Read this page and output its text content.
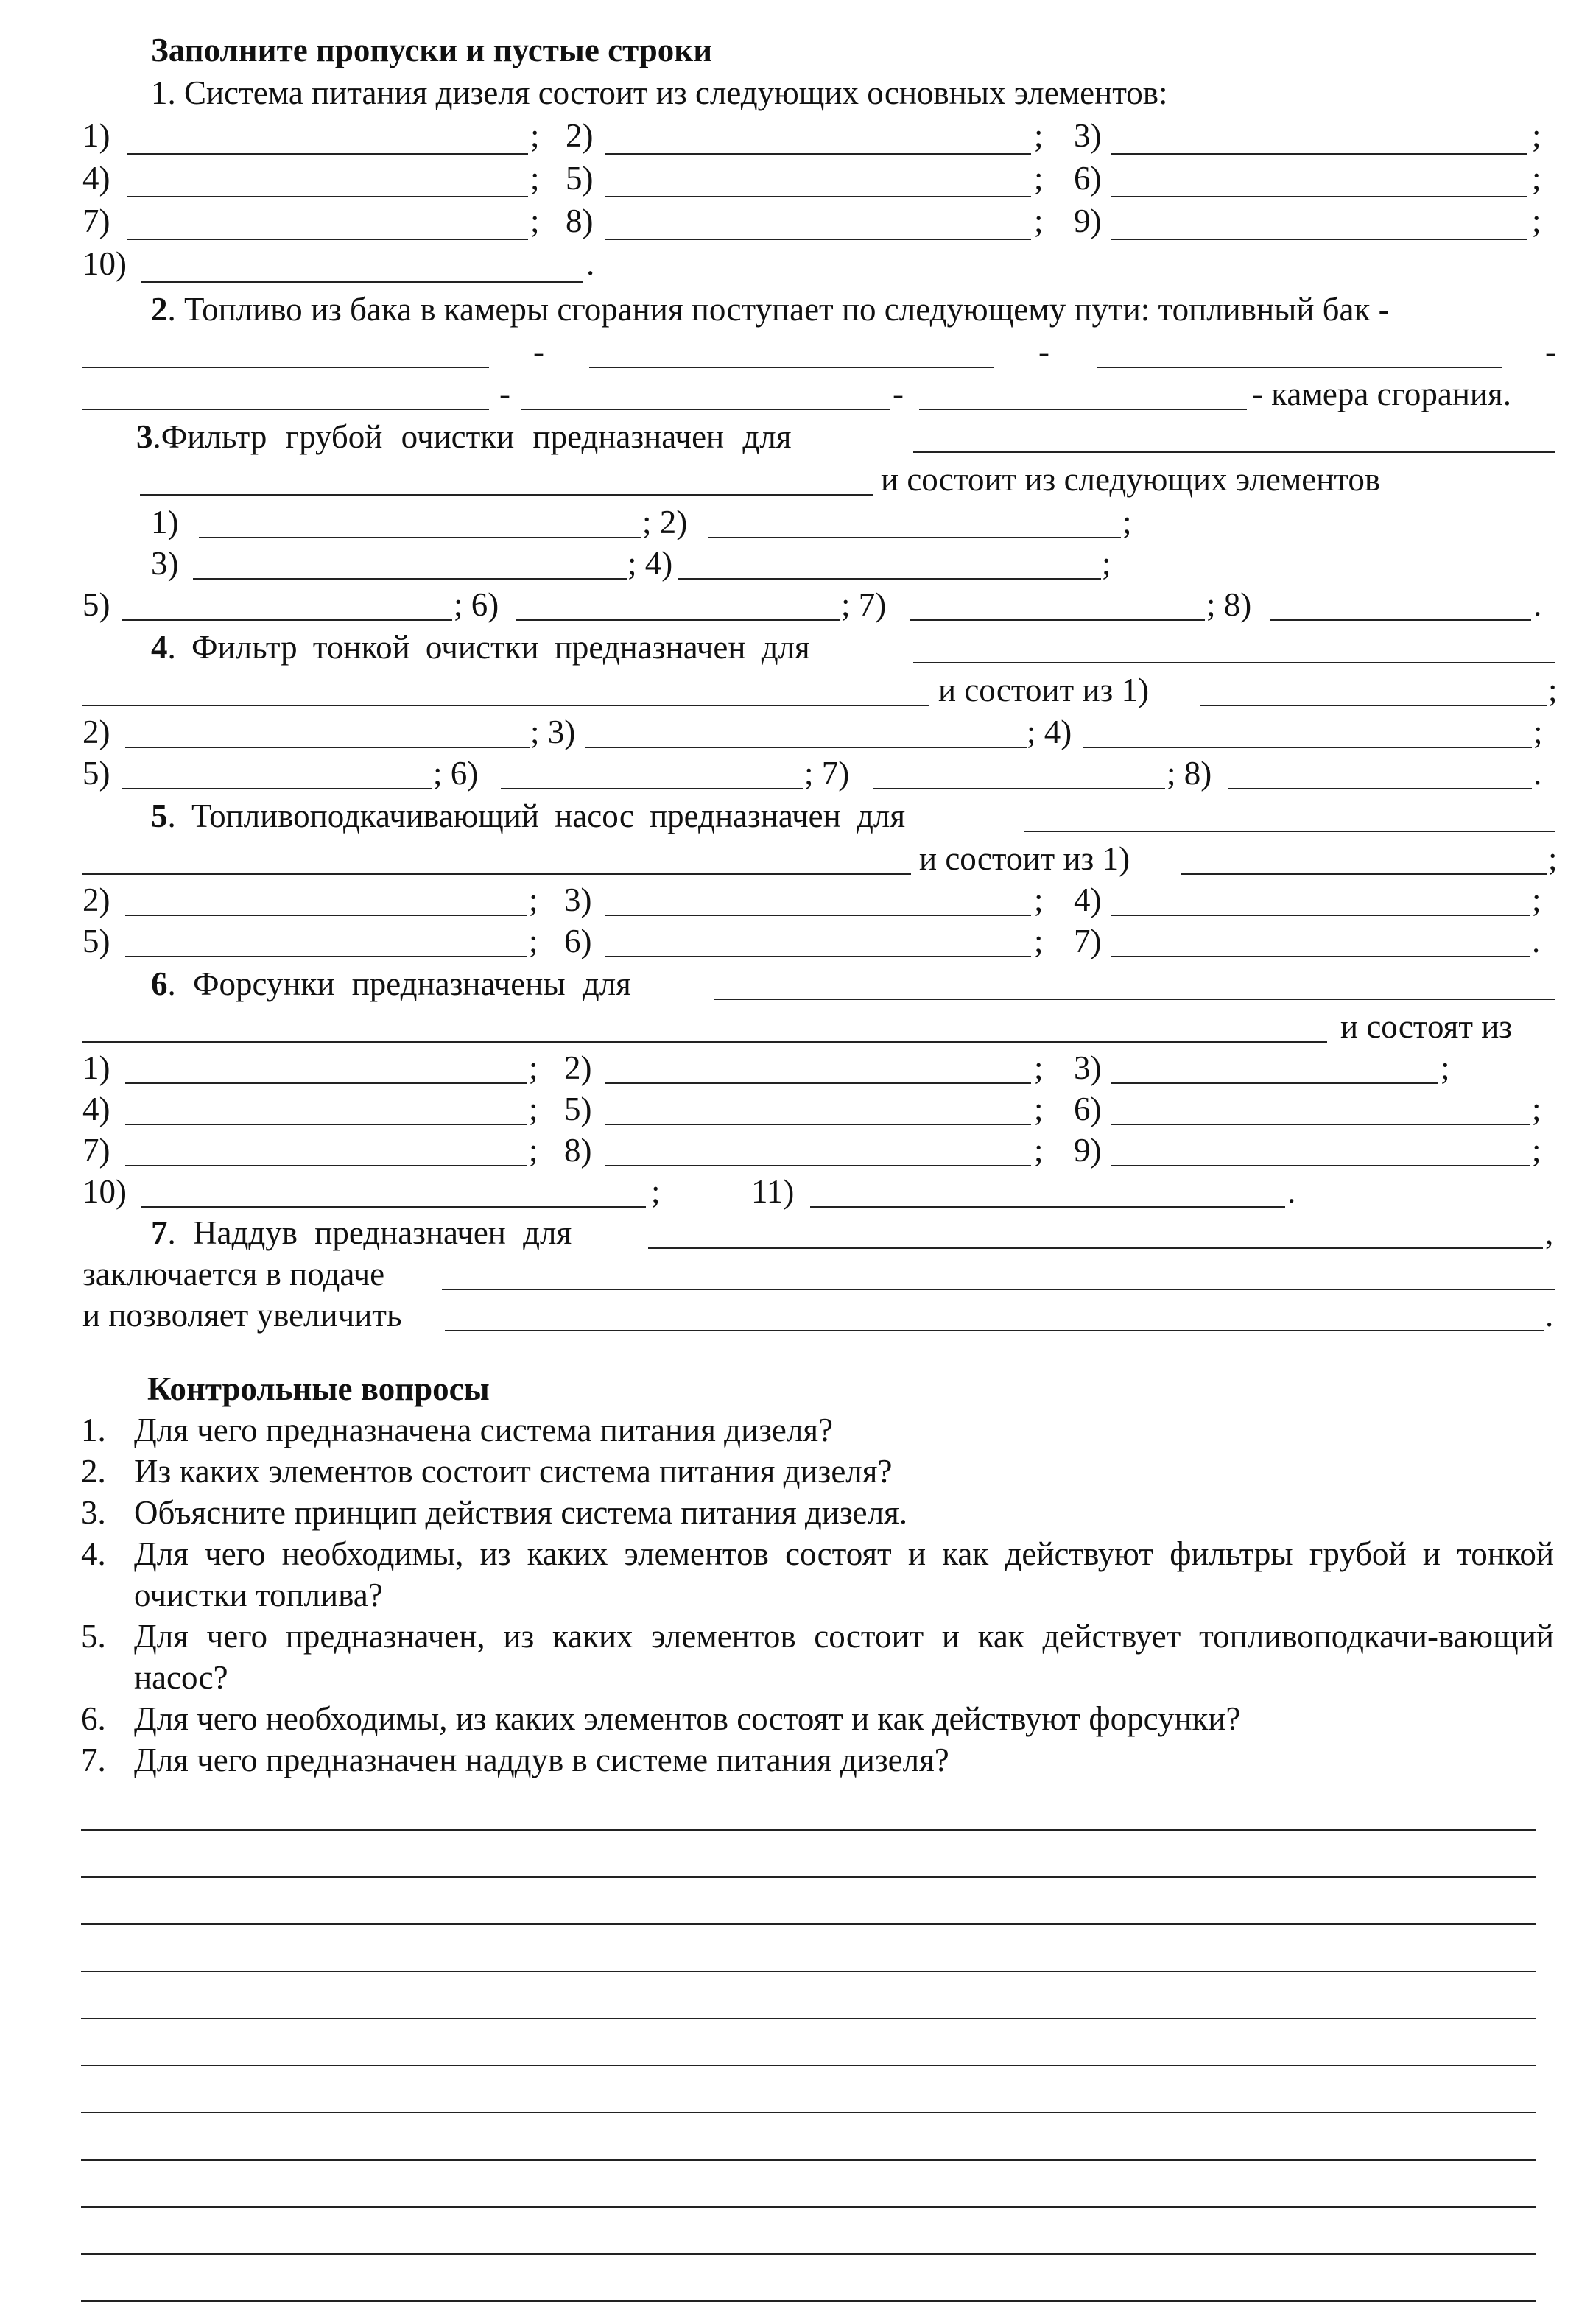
Заполните пропуски и пустые строки
1. Система питания дизеля состоит из следующих основных элементов:
1)	; 2)	; 3)	;
4)	; 5)	; 6)	;
7)	; 8)	; 9)	;
10)	.
2. Топливо из бака в камеры сгорания поступает по следующему пути: топливный бак -
-	-	-
-	-	- камера сгорания.
3.Фильтр грубой очистки предназначен для
и состоит из следующих элементов
1)	; 2)	;
3)	; 4)	;
5)	; 6)	; 7)	; 8)	.
4. Фильтр тонкой очистки предназначен для
и состоит из 1)	;
2)	; 3)	; 4)	;
5)	; 6)	; 7)	; 8)	.
5. Топливоподкачивающий насос предназначен для
и состоит из 1)	;
2)	; 3)	; 4)	;
5)	; 6)	; 7)	.
6. Форсунки предназначены для
и состоят из
1)	; 2)	; 3)	;
4)	; 5)	; 6)	;
7)	; 8)	; 9)	;
10)	;	11)	.
7. Наддув предназначен для	,
заключается в подаче
и позволяет увеличить	.
Контрольные вопросы
1. Для чего предназначена система питания дизеля?
2. Из каких элементов состоит система питания дизеля?
3. Объясните принцип действия система питания дизеля.
4. Для чего необходимы, из каких элементов состоят и как действуют фильтры грубой и тонкой очистки топлива?
5. Для чего предназначен, из каких элементов состоит и как действует топливоподкачи-вающий насос?
6. Для чего необходимы, из каких элементов состоят и как действуют форсунки?
7. Для чего предназначен наддув в системе питания дизеля?
